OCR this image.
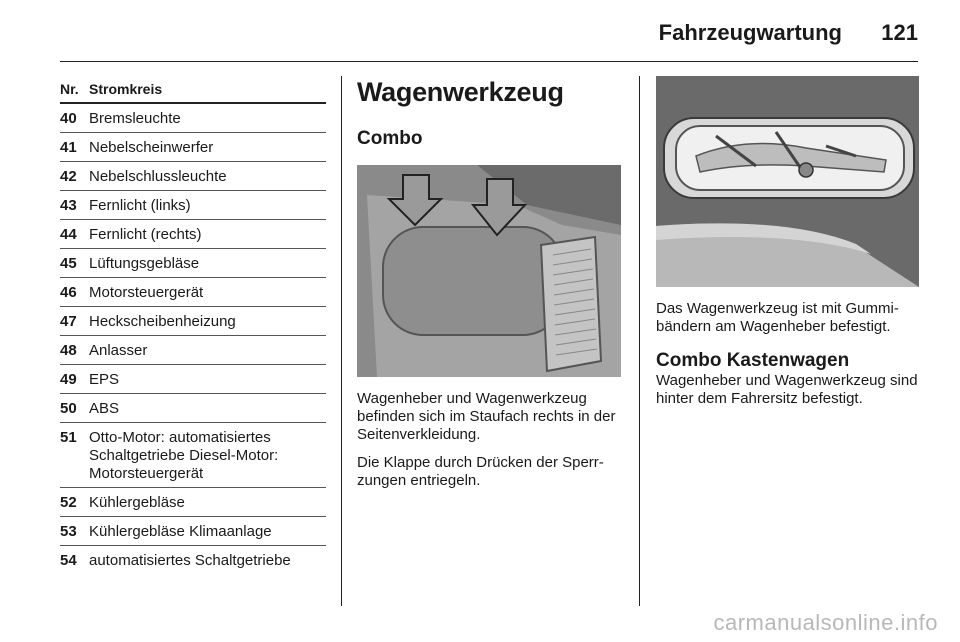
Fahrzeugwartung 121
Nr. Stromkreis
40 Bremsleuchte
41 Nebelscheinwerfer
42 Nebelschlussleuchte
43 Fernlicht (links)
44 Fernlicht (rechts)
45 Lüftungsgebläse
46 Motorsteuergerät
47 Heckscheibenheizung
48 Anlasser
49 EPS
50 ABS
51 Otto-Motor: automatisiertes Schaltgetriebe Diesel-Motor: Motorsteuergerät
52 Kühlergebläse
53 Kühlergebläse Klimaanlage
54 automatisiertes Schaltgetriebe
Wagenwerkzeug
Combo

Wagenheber und Wagenwerkzeug befinden sich im Staufach rechts in der Seitenverkleidung.

Die Klappe durch Drücken der Sperr-zungen entriegeln.

Das Wagenwerkzeug ist mit Gummi-bändern am Wagenheber befestigt.

Combo Kastenwagen

Wagenheber und Wagenwerkzeug sind hinter dem Fahrersitz befestigt.

carmanualsonline.info
